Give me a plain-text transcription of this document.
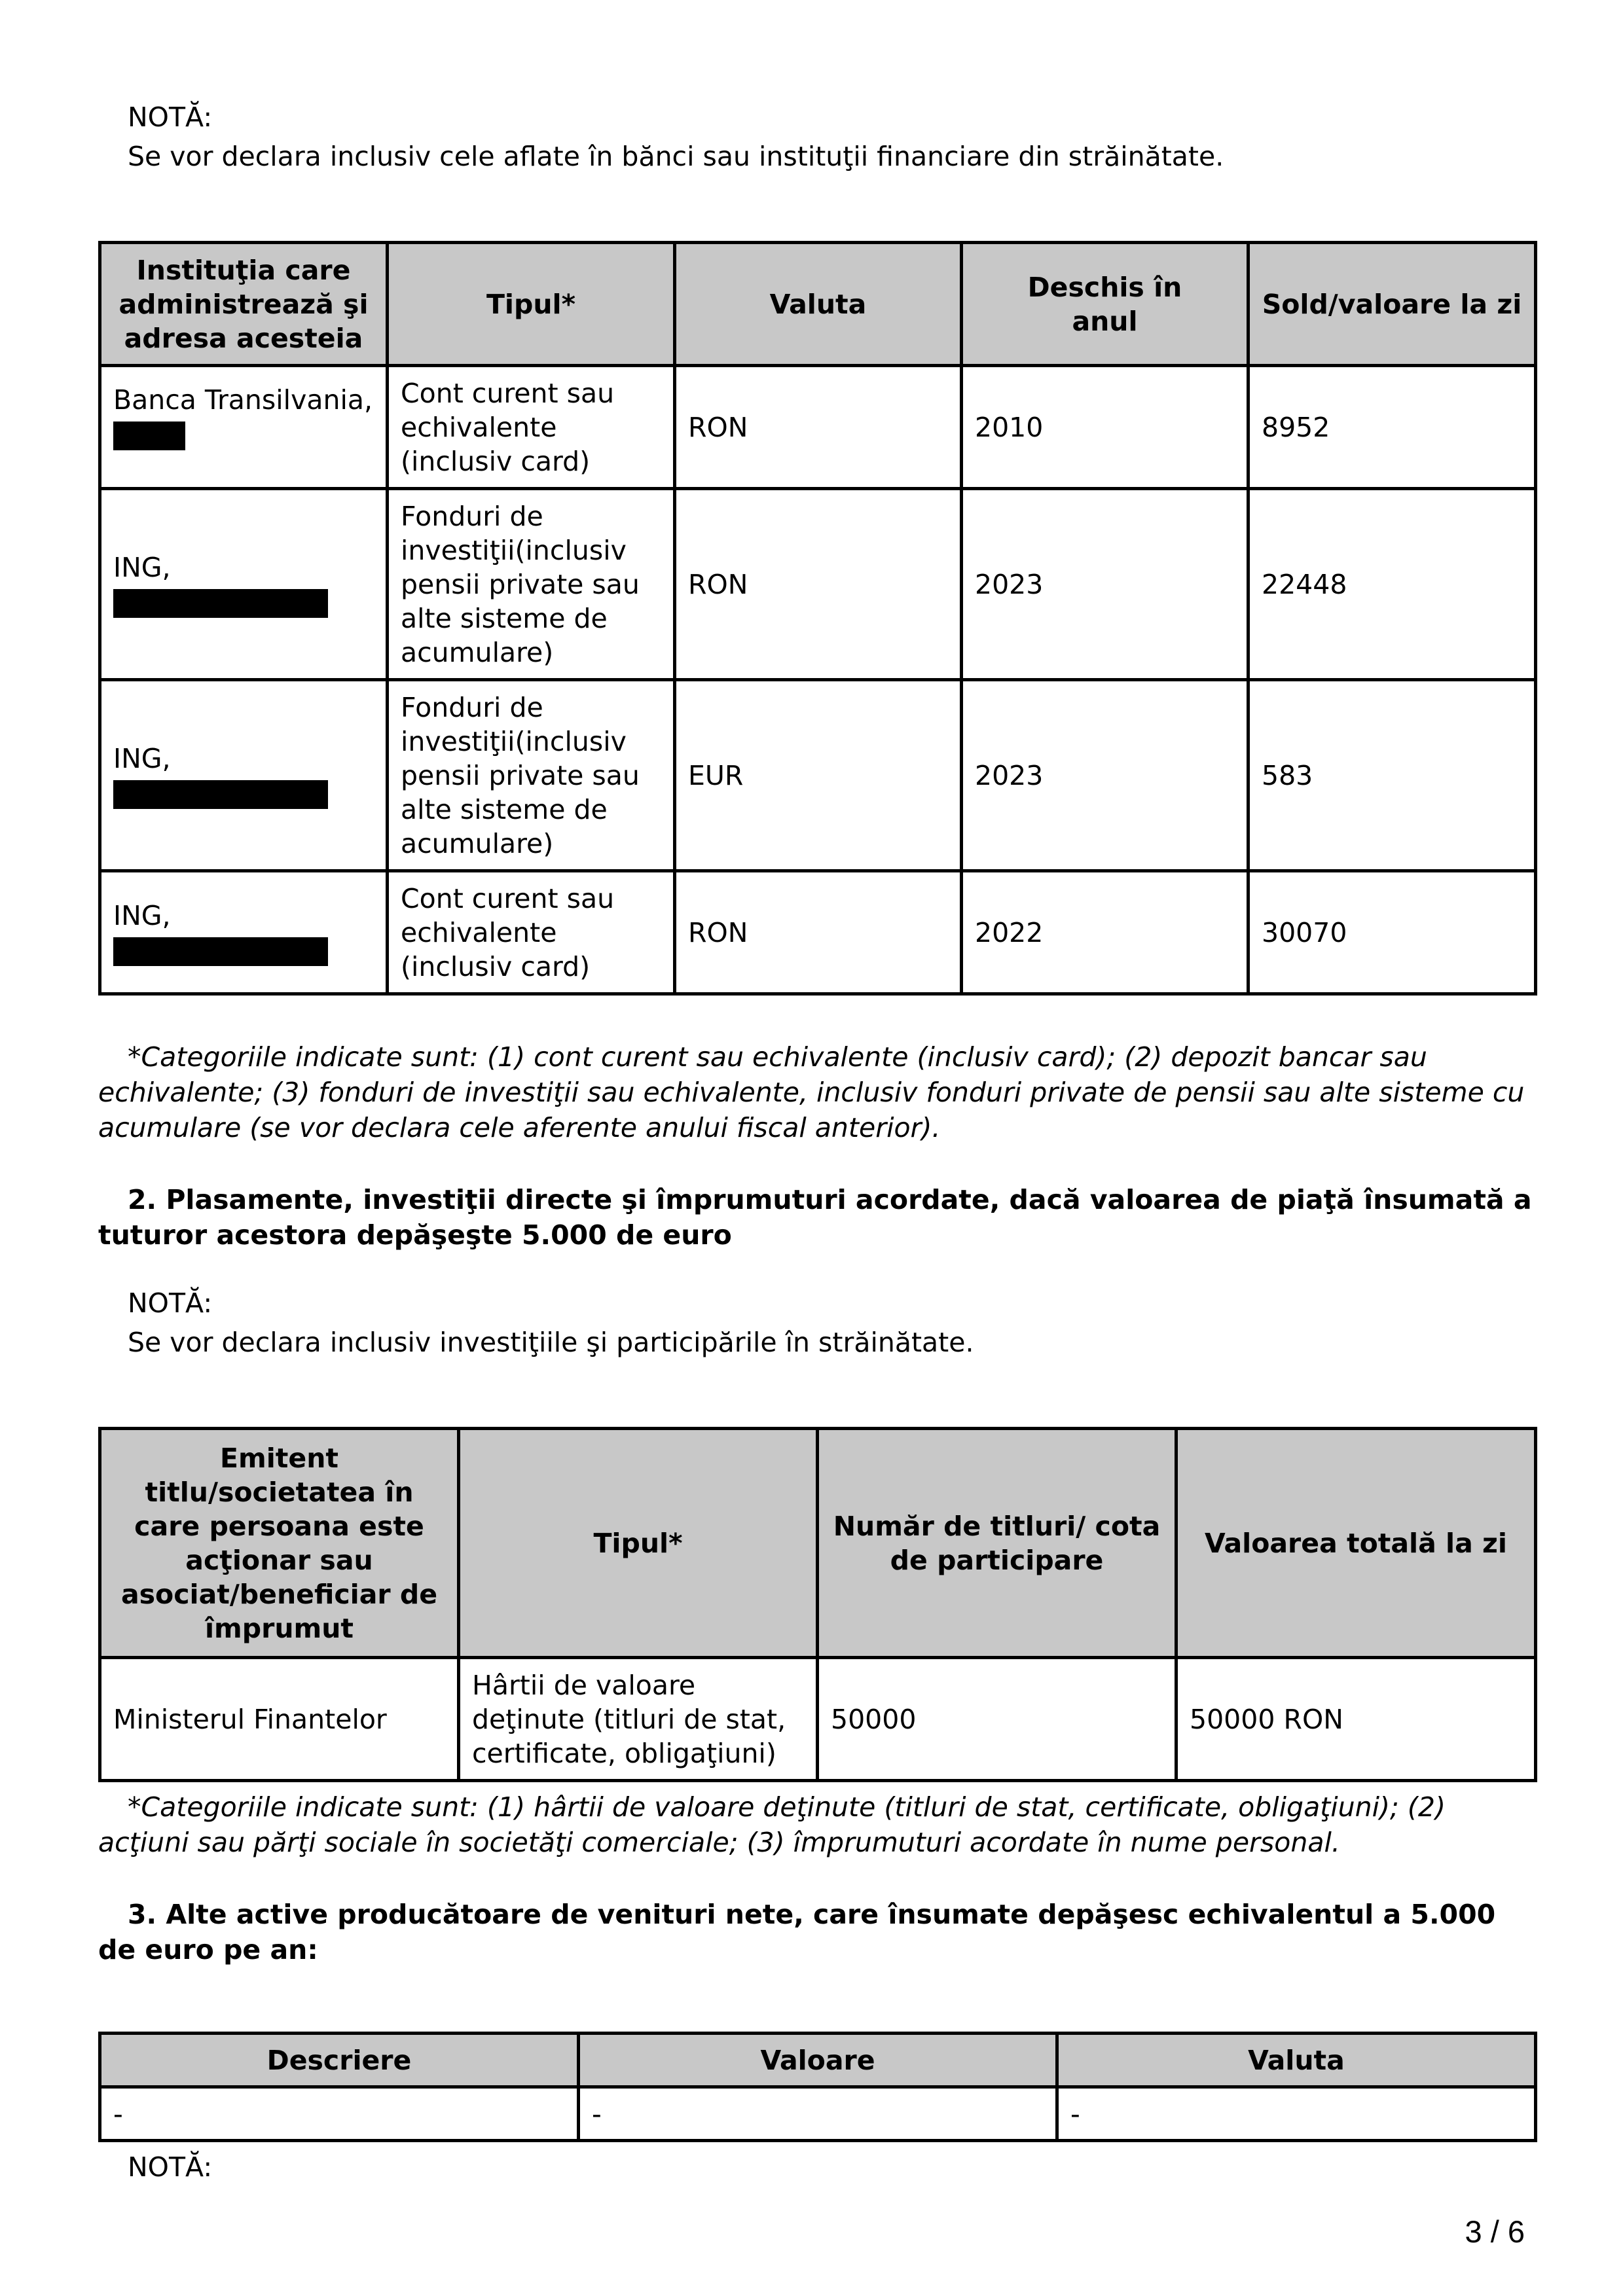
NOTĂ:

Se vor declara inclusiv cele aflate în bănci sau instituţii financiare din străinătate.

Instituţia care administrează şi adresa acesteia	Tipul*	Valuta	Deschis în anul	Sold/valoare la zi
Banca Transilvania,	Cont curent sau echivalente (inclusiv card)	RON	2010	8952
ING,	Fonduri de investiţii(inclusiv pensii private sau alte sisteme de acumulare)	RON	2023	22448
ING,	Fonduri de investiţii(inclusiv pensii private sau alte sisteme de acumulare)	EUR	2023	583
ING,	Cont curent sau echivalente (inclusiv card)	RON	2022	30070

*Categoriile indicate sunt: (1) cont curent sau echivalente (inclusiv card); (2) depozit bancar sau echivalente; (3) fonduri de investiţii sau echivalente, inclusiv fonduri private de pensii sau alte sisteme cu acumulare (se vor declara cele aferente anului fiscal anterior).

2. Plasamente, investiţii directe şi împrumuturi acordate, dacă valoarea de piaţă însumată a tuturor acestora depăşeşte 5.000 de euro

NOTĂ:

Se vor declara inclusiv investiţiile şi participările în străinătate.

Emitent titlu/societatea în care persoana este acţionar sau asociat/beneficiar de împrumut	Tipul*	Număr de titluri/ cota de participare	Valoarea totală la zi
Ministerul Finantelor	Hârtii de valoare deţinute (titluri de stat, certificate, obligaţiuni)	50000	50000 RON

*Categoriile indicate sunt: (1) hârtii de valoare deţinute (titluri de stat, certificate, obligaţiuni); (2) acţiuni sau părţi sociale în societăţi comerciale; (3) împrumuturi acordate în nume personal.

3. Alte active producătoare de venituri nete, care însumate depăşesc echivalentul a 5.000 de euro pe an:

Descriere	Valoare	Valuta
-	-	-

NOTĂ:

3 / 6
